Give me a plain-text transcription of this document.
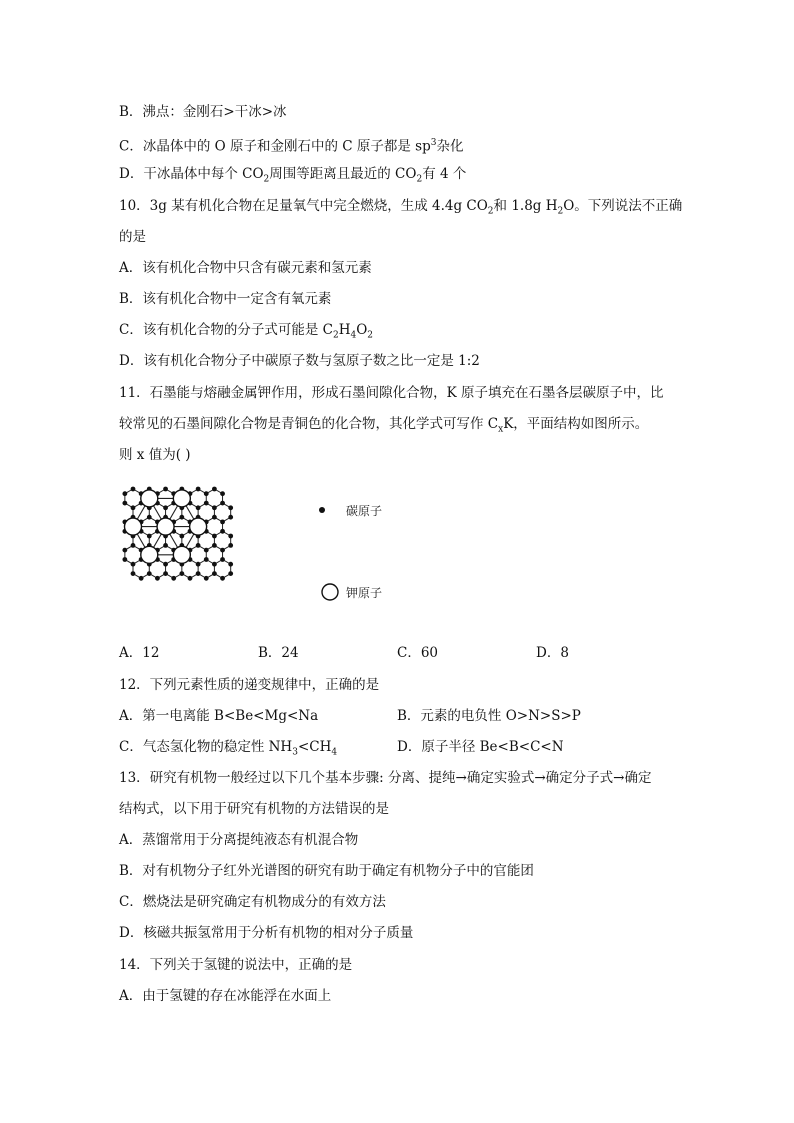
B．沸点：金刚石>干冰>冰
C．冰晶体中的 O 原子和金刚石中的 C 原子都是 $sp^3$杂化
D．干冰晶体中每个 $CO_2$周围等距离且最近的 $CO_2$有 4 个
10．3g 某有机化合物在足量氧气中完全燃烧，生成 4.4g $CO_2$和 1.8g $H_2O$。下列说法不正确
的是
A．该有机化合物中只含有碳元素和氢元素
B．该有机化合物中一定含有氧元素
C．该有机化合物的分子式可能是 $C_2H_4O_2$
D．该有机化合物分子中碳原子数与氢原子数之比一定是 1:2
11．石墨能与熔融金属钾作用，形成石墨间隙化合物，K 原子填充在石墨各层碳原子中，比
较常见的石墨间隙化合物是青铜色的化合物，其化学式可写作 $C_xK$，平面结构如图所示。
则 x 值为( )
碳原子
钾原子
A．12	B．24	C．60	D．8
12．下列元素性质的递变规律中，正确的是
A．第一电离能 B<Be<Mg<Na	B．元素的电负性 O>N>S>P
C．气态氢化物的稳定性 $NH_3<CH_4$	D．原子半径 Be<B<C<N
13．研究有机物一般经过以下几个基本步骤: 分离、提纯→确定实验式→确定分子式→确定
结构式，以下用于研究有机物的方法错误的是
A．蒸馏常用于分离提纯液态有机混合物
B．对有机物分子红外光谱图的研究有助于确定有机物分子中的官能团
C．燃烧法是研究确定有机物成分的有效方法
D．核磁共振氢常用于分析有机物的相对分子质量
14．下列关于氢键的说法中，正确的是
A．由于氢键的存在冰能浮在水面上
